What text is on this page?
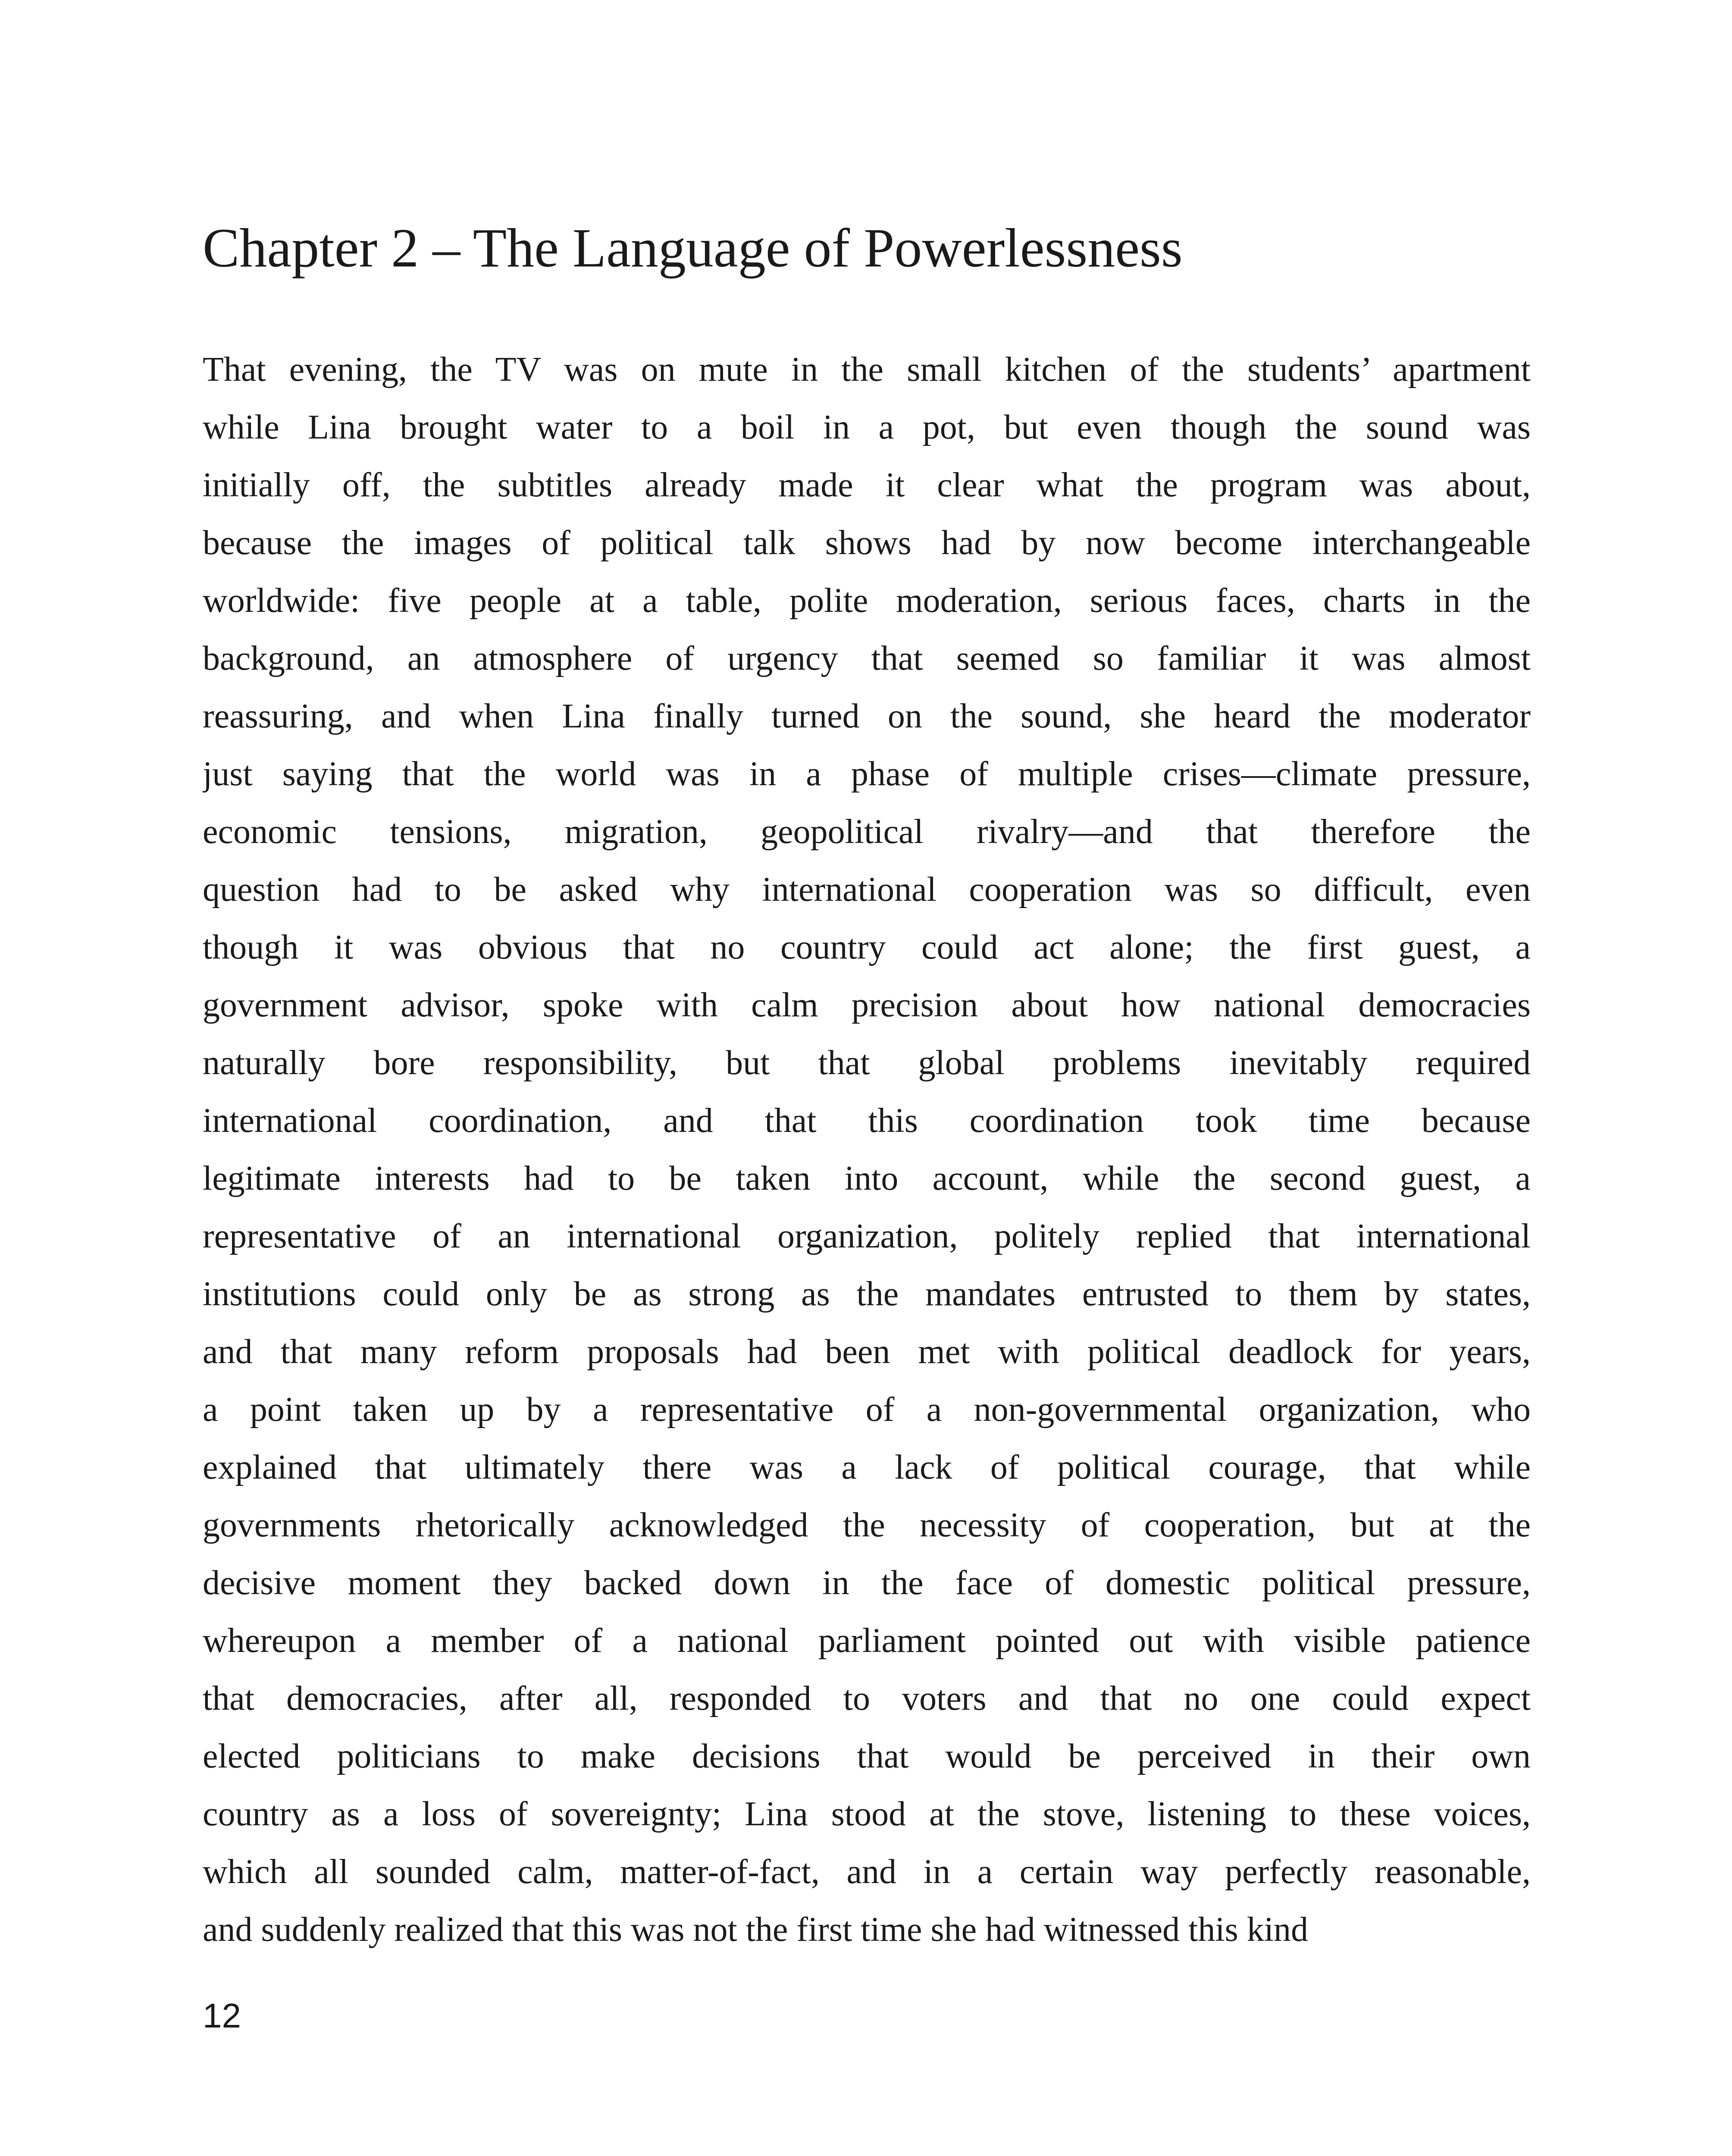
Chapter 2 – The Language of Powerlessness
That evening, the TV was on mute in the small kitchen of the students’ apartment
while Lina brought water to a boil in a pot, but even though the sound was
initially off, the subtitles already made it clear what the program was about,
because the images of political talk shows had by now become interchangeable
worldwide: five people at a table, polite moderation, serious faces, charts in the
background, an atmosphere of urgency that seemed so familiar it was almost
reassuring, and when Lina finally turned on the sound, she heard the moderator
just saying that the world was in a phase of multiple crises—climate pressure,
economic tensions, migration, geopolitical rivalry—and that therefore the
question had to be asked why international cooperation was so difficult, even
though it was obvious that no country could act alone; the first guest, a
government advisor, spoke with calm precision about how national democracies
naturally bore responsibility, but that global problems inevitably required
international coordination, and that this coordination took time because
legitimate interests had to be taken into account, while the second guest, a
representative of an international organization, politely replied that international
institutions could only be as strong as the mandates entrusted to them by states,
and that many reform proposals had been met with political deadlock for years,
a point taken up by a representative of a non-governmental organization, who
explained that ultimately there was a lack of political courage, that while
governments rhetorically acknowledged the necessity of cooperation, but at the
decisive moment they backed down in the face of domestic political pressure,
whereupon a member of a national parliament pointed out with visible patience
that democracies, after all, responded to voters and that no one could expect
elected politicians to make decisions that would be perceived in their own
country as a loss of sovereignty; Lina stood at the stove, listening to these voices,
which all sounded calm, matter-of-fact, and in a certain way perfectly reasonable,
and suddenly realized that this was not the first time she had witnessed this kind
12
